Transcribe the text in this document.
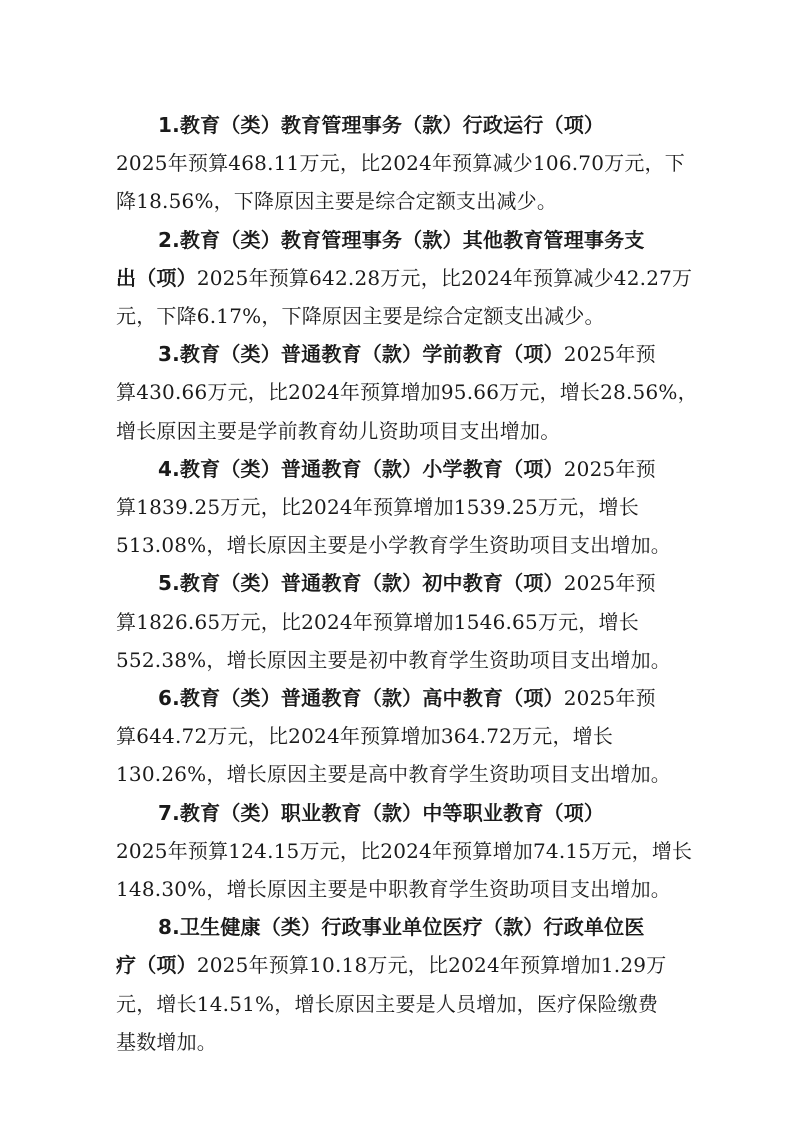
1.教育（类）教育管理事务（款）行政运行（项）
2025年预算468.11万元，比2024年预算减少106.70万元，下
降18.56%，下降原因主要是综合定额支出减少。

2.教育（类）教育管理事务（款）其他教育管理事务支
出（项）2025年预算642.28万元，比2024年预算减少42.27万
元，下降6.17%，下降原因主要是综合定额支出减少。

3.教育（类）普通教育（款）学前教育（项）2025年预
算430.66万元，比2024年预算增加95.66万元，增长28.56%，
增长原因主要是学前教育幼儿资助项目支出增加。

4.教育（类）普通教育（款）小学教育（项）2025年预
算1839.25万元，比2024年预算增加1539.25万元，增长
513.08%，增长原因主要是小学教育学生资助项目支出增加。

5.教育（类）普通教育（款）初中教育（项）2025年预
算1826.65万元，比2024年预算增加1546.65万元，增长
552.38%，增长原因主要是初中教育学生资助项目支出增加。

6.教育（类）普通教育（款）高中教育（项）2025年预
算644.72万元，比2024年预算增加364.72万元，增长
130.26%，增长原因主要是高中教育学生资助项目支出增加。

7.教育（类）职业教育（款）中等职业教育（项）
2025年预算124.15万元，比2024年预算增加74.15万元，增长
148.30%，增长原因主要是中职教育学生资助项目支出增加。

8.卫生健康（类）行政事业单位医疗（款）行政单位医
疗（项）2025年预算10.18万元，比2024年预算增加1.29万
元，增长14.51%，增长原因主要是人员增加，医疗保险缴费
基数增加。
